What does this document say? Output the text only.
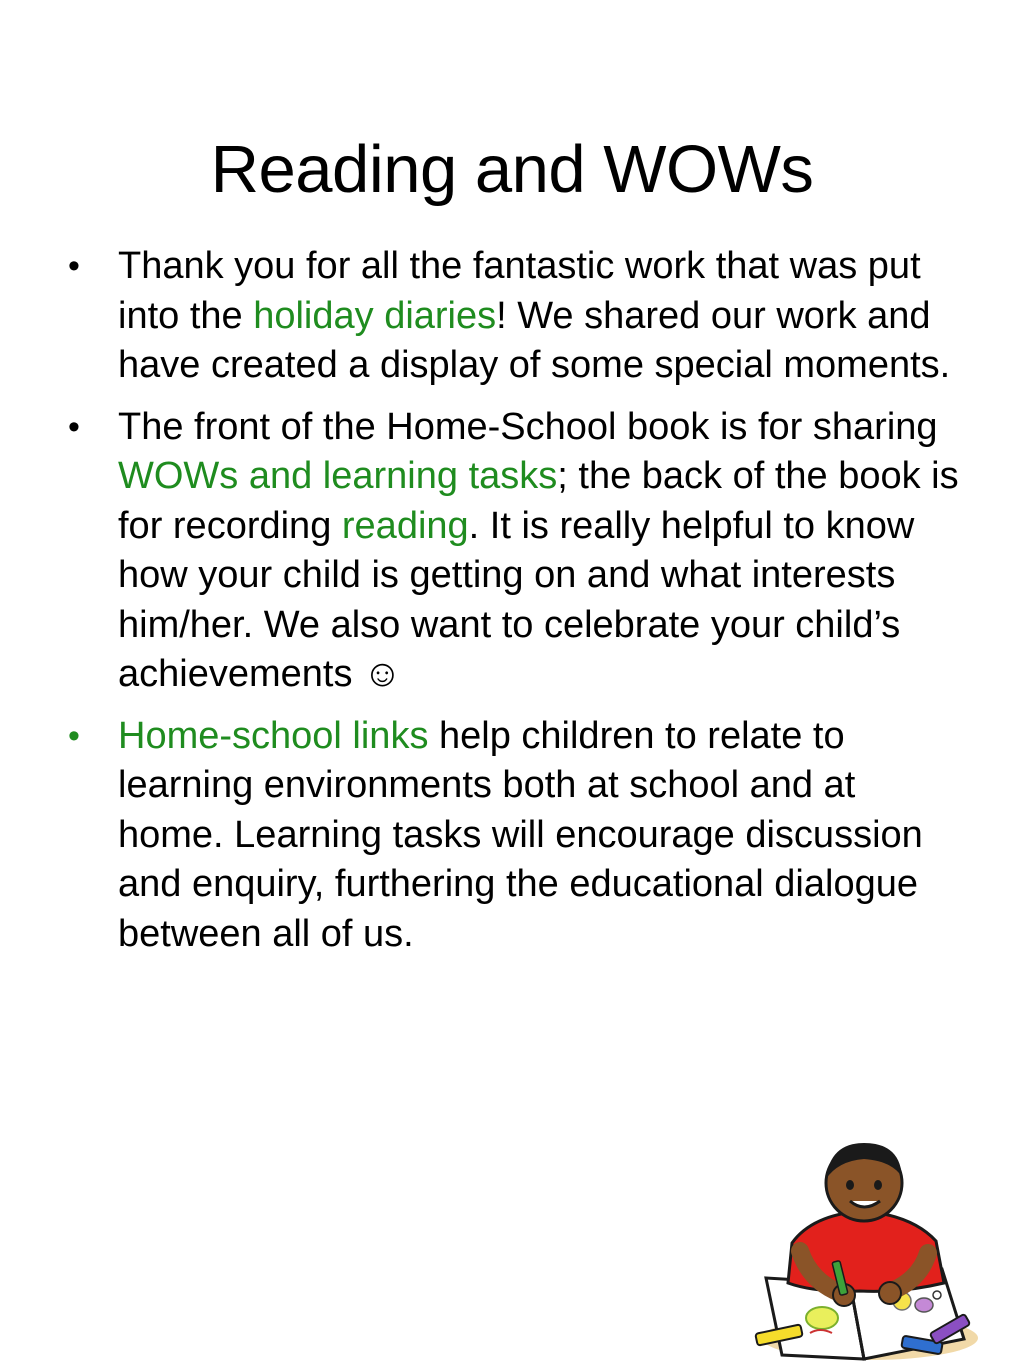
Reading and WOWs
• Thank you for all the fantastic work that was put into the holiday diaries! We shared our work and have created a display of some special moments.
• The front of the Home-School book is for sharing WOWs and learning tasks; the back of the book is for recording reading. It is really helpful to know how your child is getting on and what interests him/her. We also want to celebrate your child’s achievements ☺
• Home-school links help children to relate to learning environments both at school and at home. Learning tasks will encourage discussion and enquiry, furthering the educational dialogue between all of us.
